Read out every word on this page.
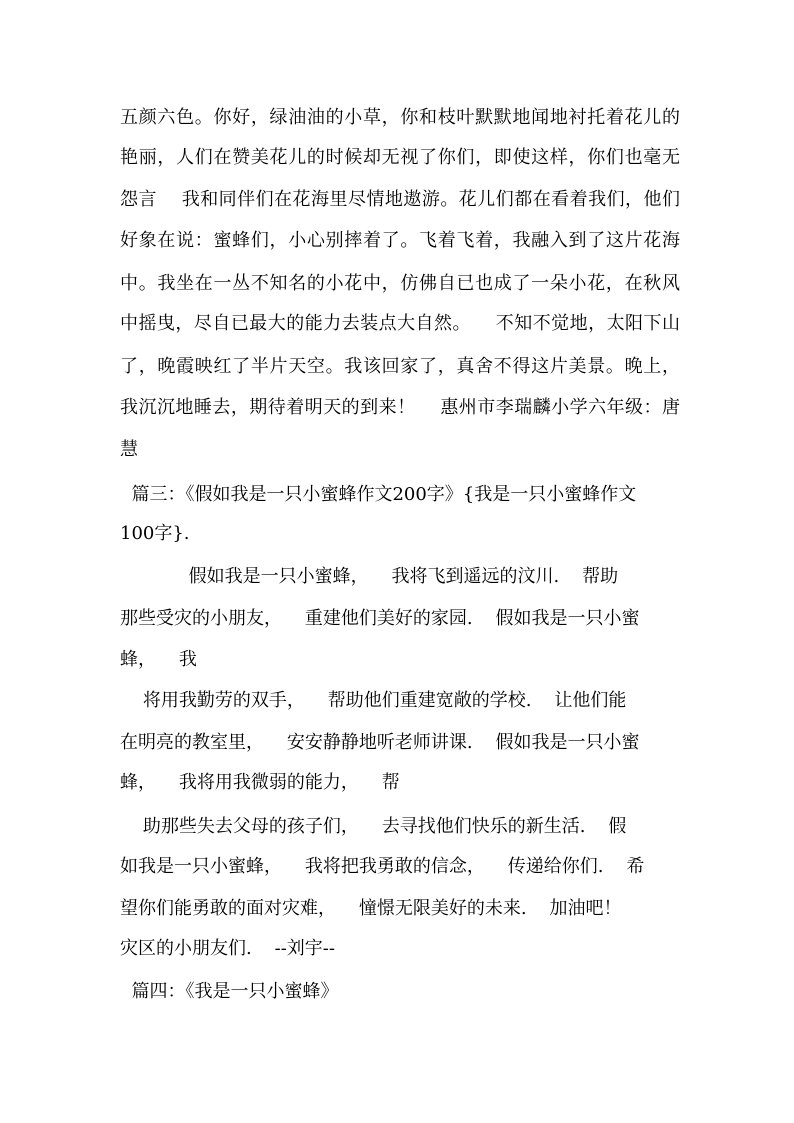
五颜六色。你好，绿油油的小草，你和枝叶默默地闻地衬托着花儿的
艳丽，人们在赞美花儿的时候却无视了你们，即使这样，你们也毫无
怨言    我和同伴们在花海里尽情地遨游。花儿们都在看着我们，他们
好象在说：蜜蜂们，小心别摔着了。飞着飞着，我融入到了这片花海
中。我坐在一丛不知名的小花中，仿佛自已也成了一朵小花，在秋风
中摇曳，尽自已最大的能力去装点大自然。    不知不觉地，太阳下山
了，晚霞映红了半片天空。我该回家了，真舍不得这片美景。晚上，
我沉沉地睡去，期待着明天的到来！    惠州市李瑞麟小学六年级：唐
慧
篇三：《假如我是一只小蜜蜂作文200字》{我是一只小蜜蜂作文
100字}.
假如我是一只小蜜蜂，    我将飞到遥远的汶川.    帮助
那些受灾的小朋友，    重建他们美好的家园.    假如我是一只小蜜
蜂，    我
将用我勤劳的双手，    帮助他们重建宽敞的学校.    让他们能
在明亮的教室里，    安安静静地听老师讲课.    假如我是一只小蜜
蜂，    我将用我微弱的能力，    帮
助那些失去父母的孩子们，    去寻找他们快乐的新生活.    假
如我是一只小蜜蜂，    我将把我勇敢的信念，    传递给你们.    希
望你们能勇敢的面对灾难，    憧憬无限美好的未来.    加油吧！
灾区的小朋友们.    --刘宇--
篇四：《我是一只小蜜蜂》
